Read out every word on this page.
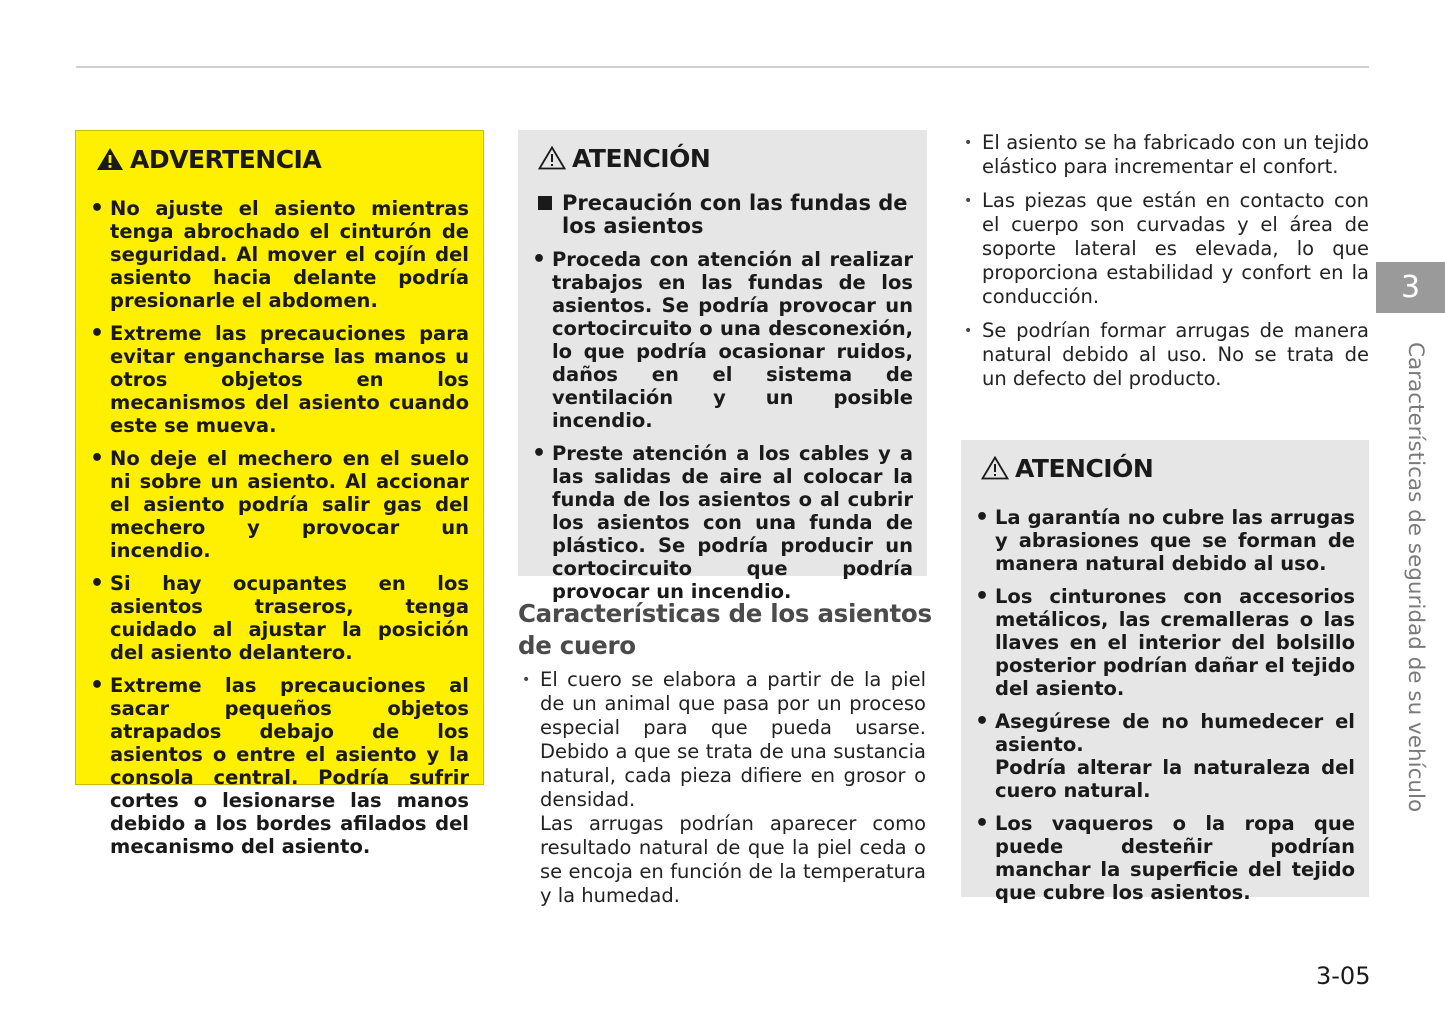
ADVERTENCIA
• No ajuste el asiento mientras tenga abrochado el cinturón de seguridad. Al mover el cojín del asiento hacia delante podría presionarle el abdomen.
• Extreme las precauciones para evitar engancharse las manos u otros objetos en los mecanismos del asiento cuando este se mueva.
• No deje el mechero en el suelo ni sobre un asiento. Al accionar el asiento podría salir gas del mechero y provocar un incendio.
• Si hay ocupantes en los asientos traseros, tenga cuidado al ajustar la posición del asiento delantero.
• Extreme las precauciones al sacar pequeños objetos atrapados debajo de los asientos o entre el asiento y la consola central. Podría sufrir cortes o lesionarse las manos debido a los bordes afilados del mecanismo del asiento.
ATENCIÓN
Precaución con las fundas de los asientos
• Proceda con atención al realizar trabajos en las fundas de los asientos. Se podría provocar un cortocircuito o una desconexión, lo que podría ocasionar ruidos, daños en el sistema de ventilación y un posible incendio.
• Preste atención a los cables y a las salidas de aire al colocar la funda de los asientos o al cubrir los asientos con una funda de plástico. Se podría producir un cortocircuito que podría provocar un incendio.
Características de los asientos de cuero
• El cuero se elabora a partir de la piel de un animal que pasa por un proceso especial para que pueda usarse. Debido a que se trata de una sustancia natural, cada pieza difiere en grosor o densidad.
Las arrugas podrían aparecer como resultado natural de que la piel ceda o se encoja en función de la temperatura y la humedad.
• El asiento se ha fabricado con un tejido elástico para incrementar el confort.
• Las piezas que están en contacto con el cuerpo son curvadas y el área de soporte lateral es elevada, lo que proporciona estabilidad y confort en la conducción.
• Se podrían formar arrugas de manera natural debido al uso. No se trata de un defecto del producto.
ATENCIÓN
• La garantía no cubre las arrugas y abrasiones que se forman de manera natural debido al uso.
• Los cinturones con accesorios metálicos, las cremalleras o las llaves en el interior del bolsillo posterior podrían dañar el tejido del asiento.
• Asegúrese de no humedecer el asiento.
Podría alterar la naturaleza del cuero natural.
• Los vaqueros o la ropa que puede desteñir podrían manchar la superficie del tejido que cubre los asientos.
3
Características de seguridad de su vehículo
3-05
